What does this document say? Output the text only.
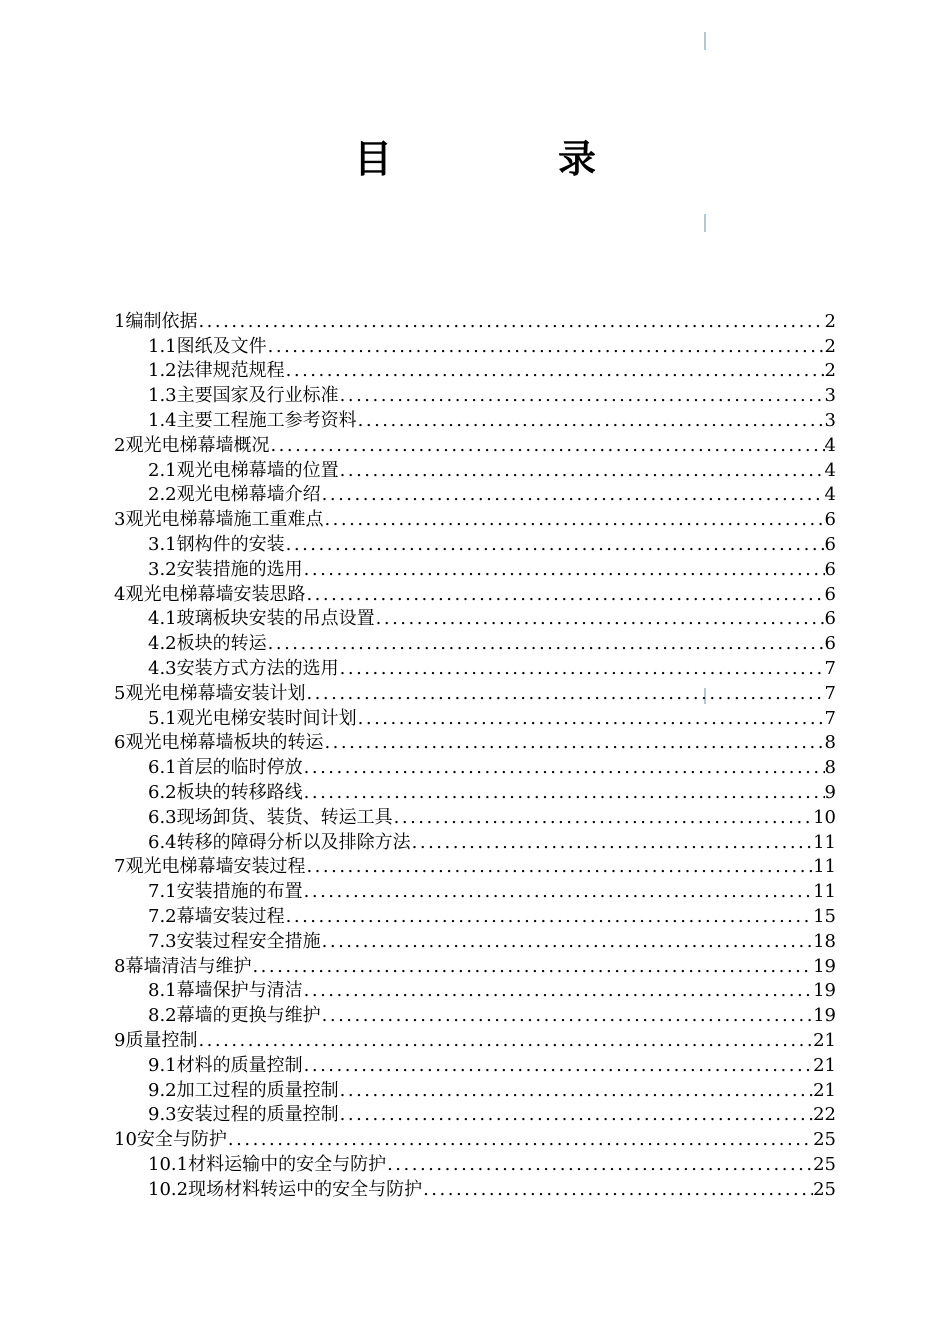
目　录
1编制依据 .....	2
1.1图纸及文件 .....	2
1.2法律规范规程 .....	2
1.3主要国家及行业标准 .....	3
1.4主要工程施工参考资料 .....	3
2观光电梯幕墙概况 .....	4
2.1观光电梯幕墙的位置 .....	4
2.2观光电梯幕墙介绍 .....	4
3观光电梯幕墙施工重难点 .....	6
3.1钢构件的安装 .....	6
3.2安装措施的选用 .....	6
4观光电梯幕墙安装思路 .....	6
4.1玻璃板块安装的吊点设置 .....	6
4.2板块的转运 .....	6
4.3安装方式方法的选用 .....	7
5观光电梯幕墙安装计划 .....	7
5.1观光电梯安装时间计划 .....	7
6观光电梯幕墙板块的转运 .....	8
6.1首层的临时停放 .....	8
6.2板块的转移路线 .....	9
6.3现场卸货、装货、转运工具 .....	10
6.4转移的障碍分析以及排除方法 .....	11
7观光电梯幕墙安装过程 .....	11
7.1安装措施的布置 .....	11
7.2幕墙安装过程 .....	15
7.3安装过程安全措施 .....	18
8幕墙清洁与维护 .....	19
8.1幕墙保护与清洁 .....	19
8.2幕墙的更换与维护 .....	19
9质量控制 .....	21
9.1材料的质量控制 .....	21
9.2加工过程的质量控制 .....	21
9.3安装过程的质量控制 .....	22
10安全与防护 .....	25
10.1材料运输中的安全与防护 .....	25
10.2现场材料转运中的安全与防护 .....	25
